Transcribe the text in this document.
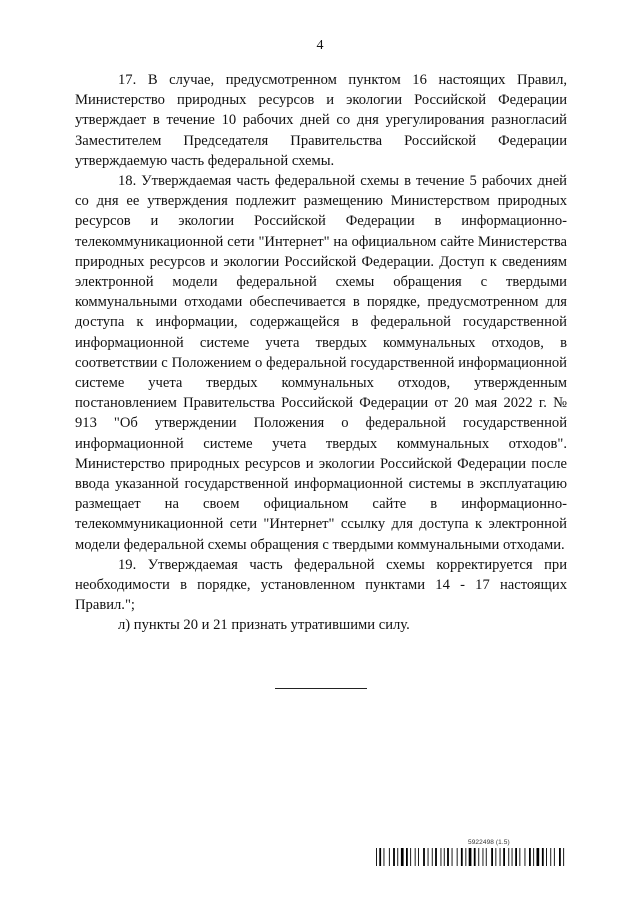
4

17. В случае, предусмотренном пунктом 16 настоящих Правил, Министерство природных ресурсов и экологии Российской Федерации утверждает в течение 10 рабочих дней со дня урегулирования разногласий Заместителем Председателя Правительства Российской Федерации утверждаемую часть федеральной схемы.

18. Утверждаемая часть федеральной схемы в течение 5 рабочих дней со дня ее утверждения подлежит размещению Министерством природных ресурсов и экологии Российской Федерации в информационно-телекоммуникационной сети "Интернет" на официальном сайте Министерства природных ресурсов и экологии Российской Федерации. Доступ к сведениям электронной модели федеральной схемы обращения с твердыми коммунальными отходами обеспечивается в порядке, предусмотренном для доступа к информации, содержащейся в федеральной государственной информационной системе учета твердых коммунальных отходов, в соответствии с Положением о федеральной государственной информационной системе учета твердых коммунальных отходов, утвержденным постановлением Правительства Российской Федерации от 20 мая 2022 г. № 913 "Об утверждении Положения о федеральной государственной информационной системе учета твердых коммунальных отходов". Министерство природных ресурсов и экологии Российской Федерации после ввода указанной государственной информационной системы в эксплуатацию размещает на своем официальном сайте в информационно-телекоммуникационной сети "Интернет" ссылку для доступа к электронной модели федеральной схемы обращения с твердыми коммунальными отходами.

19. Утверждаемая часть федеральной схемы корректируется при необходимости в порядке, установленном пунктами 14 - 17 настоящих Правил.";

л) пункты 20 и 21 признать утратившими силу.

5922498 (1.5)
